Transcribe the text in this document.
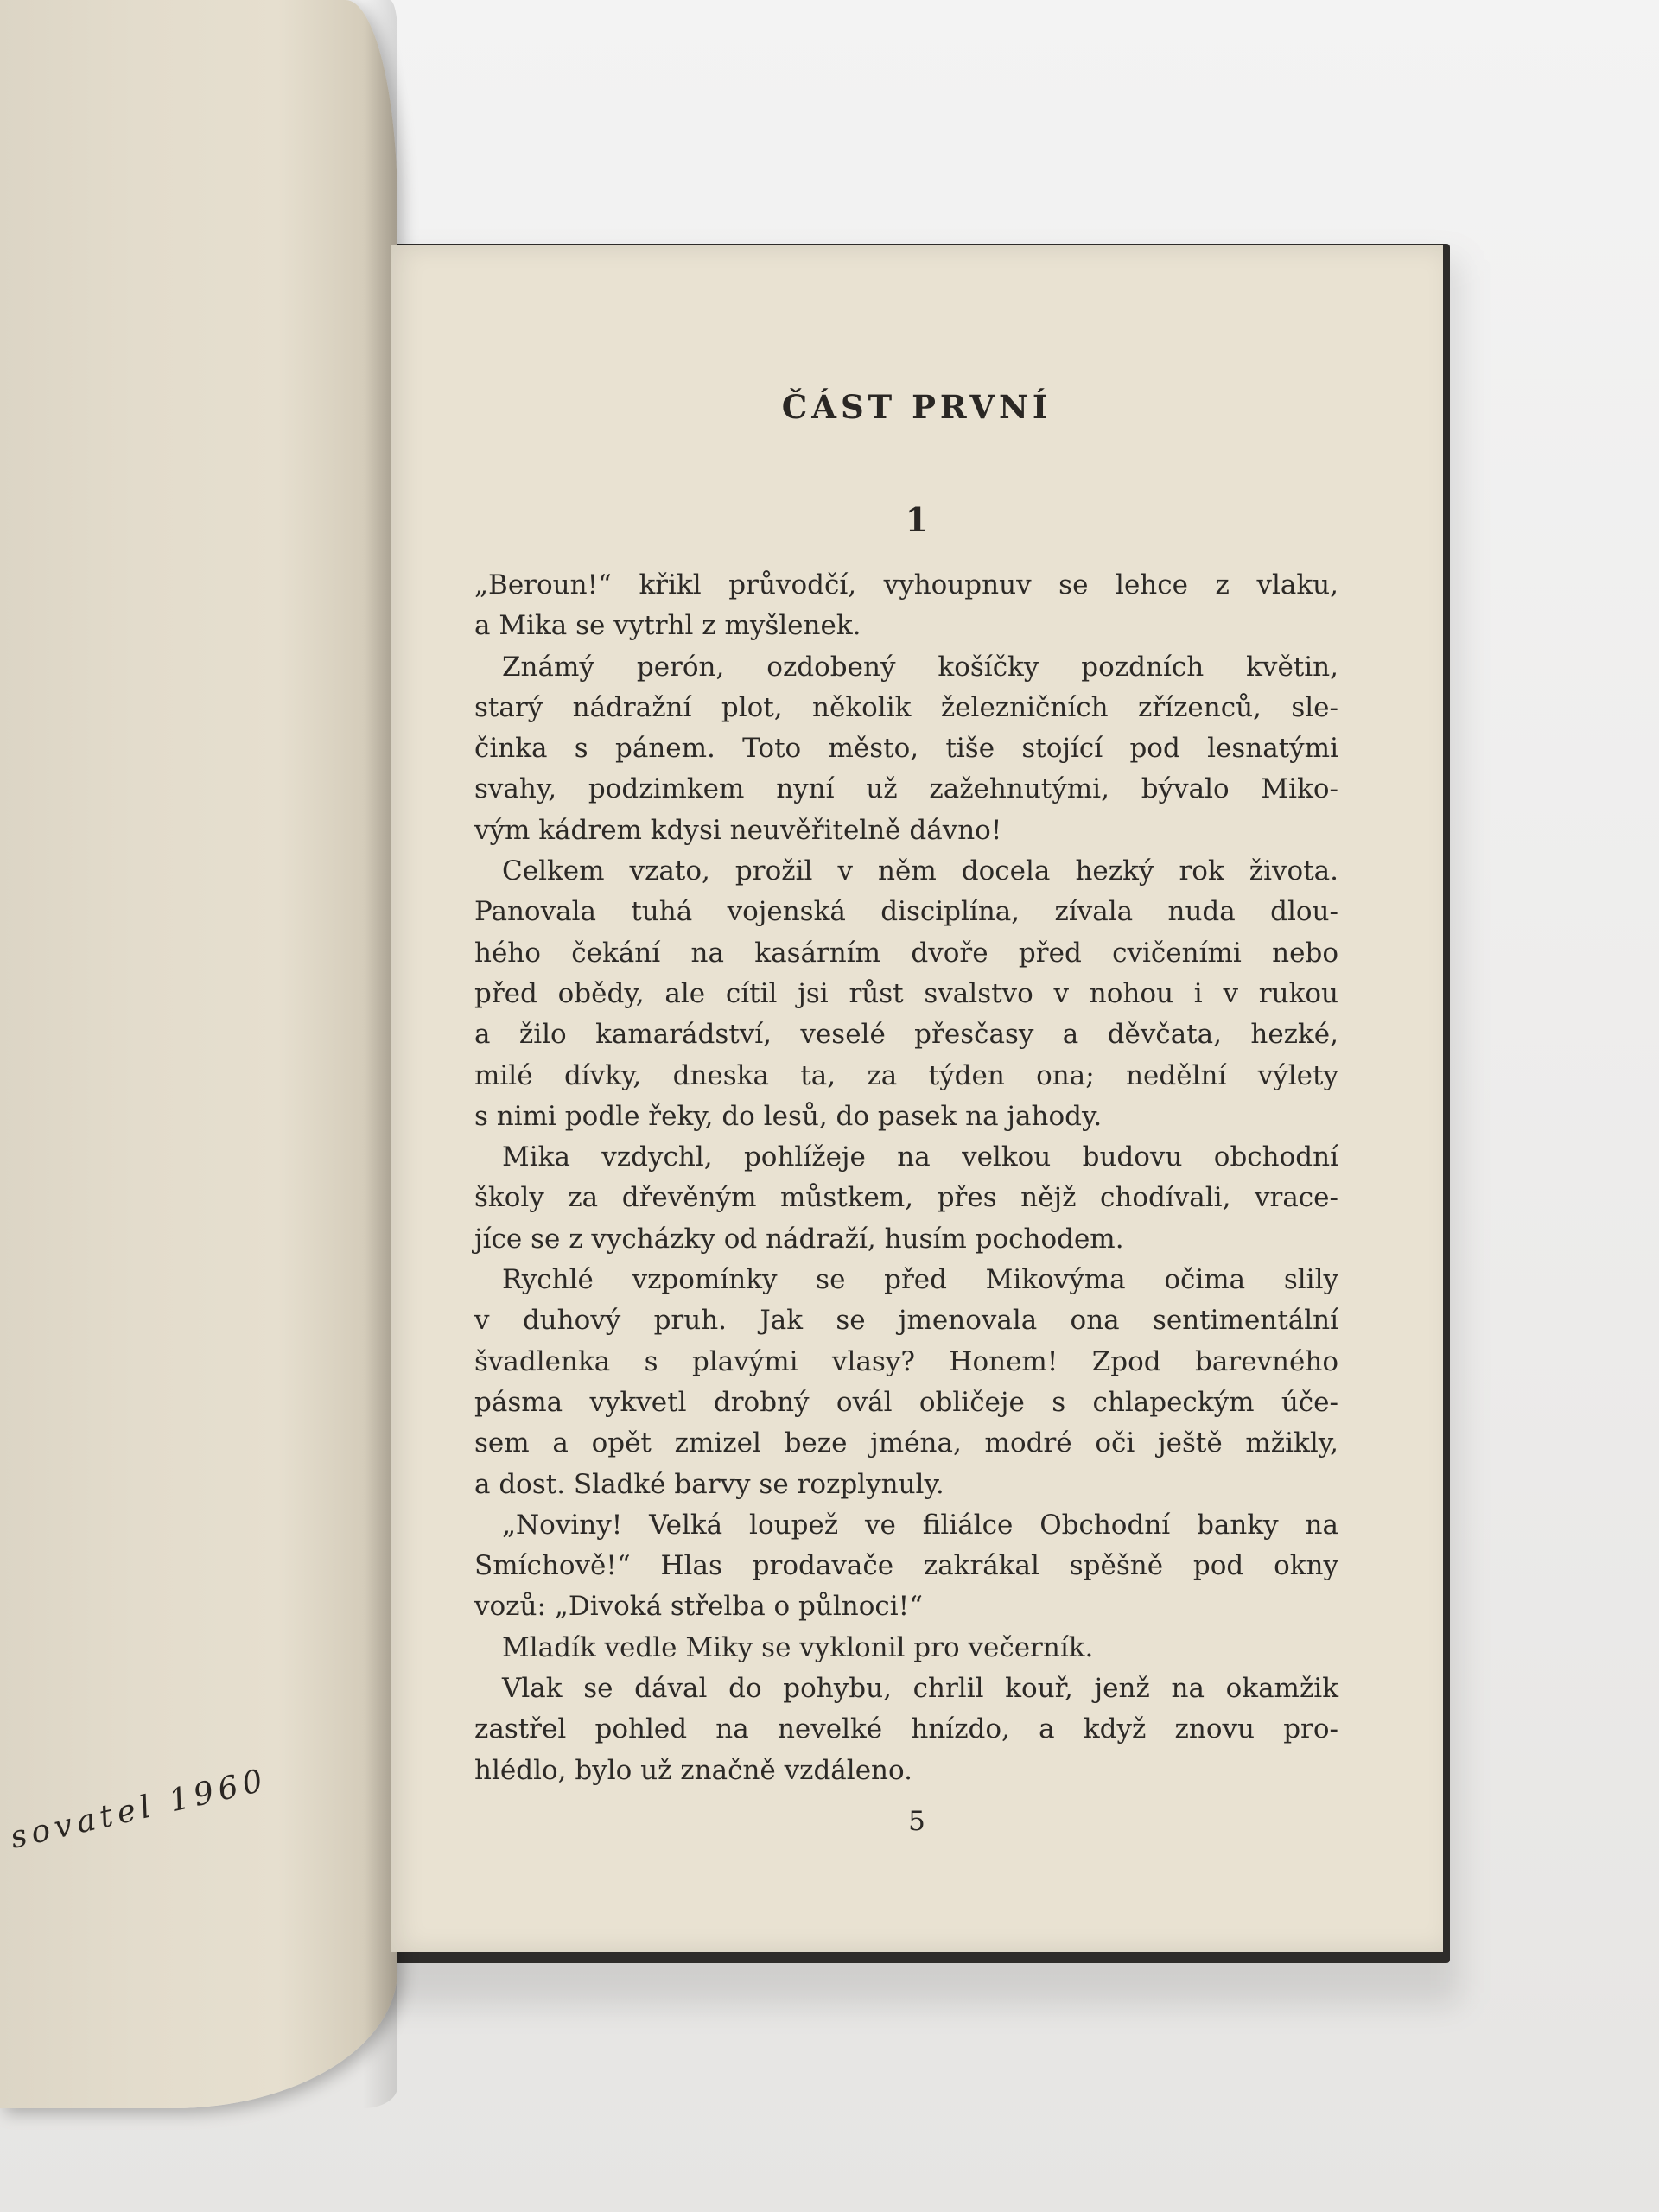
sovatel 1960
ČÁST PRVNÍ
1
„Beroun!“ křikl průvodčí, vyhoupnuv se lehce z vlaku,
a Mika se vytrhl z myšlenek.
Známý perón, ozdobený košíčky pozdních květin,
starý nádražní plot, několik železničních zřízenců, sle-
činka s pánem. Toto město, tiše stojící pod lesnatými
svahy, podzimkem nyní už zažehnutými, bývalo Miko-
vým kádrem kdysi neuvěřitelně dávno!
Celkem vzato, prožil v něm docela hezký rok života.
Panovala tuhá vojenská disciplína, zívala nuda dlou-
hého čekání na kasárním dvoře před cvičeními nebo
před obědy, ale cítil jsi růst svalstvo v nohou i v rukou
a žilo kamarádství, veselé přesčasy a děvčata, hezké,
milé dívky, dneska ta, za týden ona; nedělní výlety
s nimi podle řeky, do lesů, do pasek na jahody.
Mika vzdychl, pohlížeje na velkou budovu obchodní
školy za dřevěným můstkem, přes nějž chodívali, vrace-
jíce se z vycházky od nádraží, husím pochodem.
Rychlé vzpomínky se před Mikovýma očima slily
v duhový pruh. Jak se jmenovala ona sentimentální
švadlenka s plavými vlasy? Honem! Zpod barevného
pásma vykvetl drobný ovál obličeje s chlapeckým úče-
sem a opět zmizel beze jména, modré oči ještě mžikly,
a dost. Sladké barvy se rozplynuly.
„Noviny! Velká loupež ve filiálce Obchodní banky na
Smíchově!“ Hlas prodavače zakrákal spěšně pod okny
vozů: „Divoká střelba o půlnoci!“
Mladík vedle Miky se vyklonil pro večerník.
Vlak se dával do pohybu, chrlil kouř, jenž na okamžik
zastřel pohled na nevelké hnízdo, a když znovu pro-
hlédlo, bylo už značně vzdáleno.
5
